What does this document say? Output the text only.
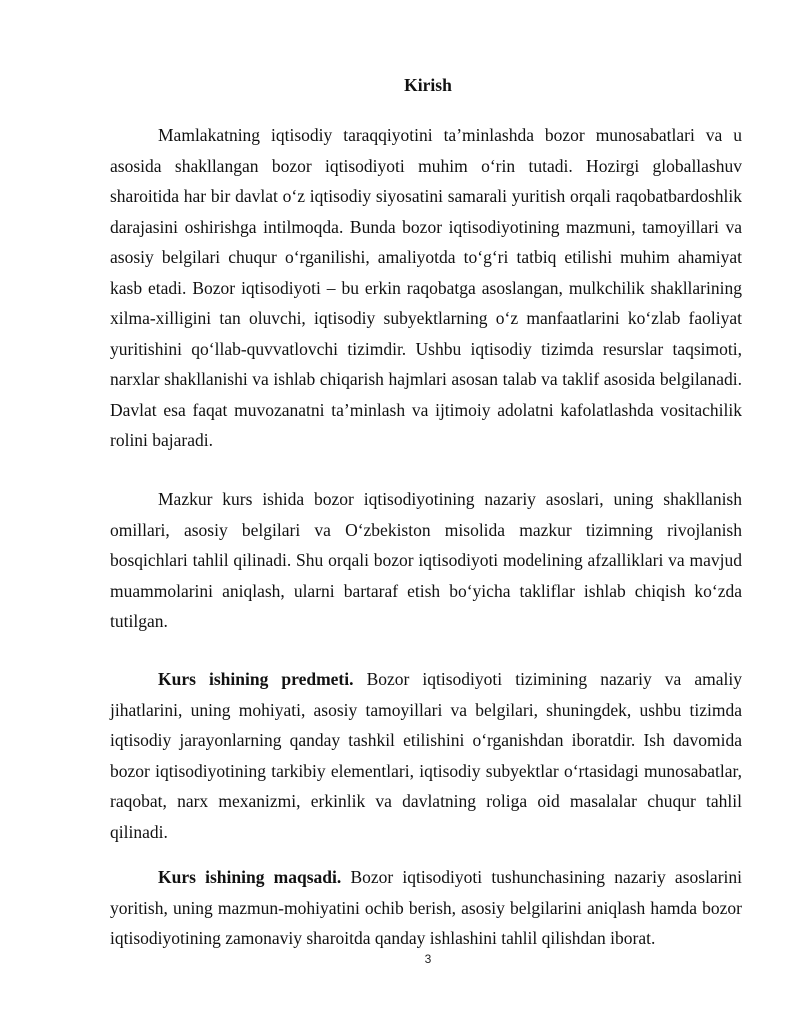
Kirish

Mamlakatning iqtisodiy taraqqiyotini ta’minlashda bozor munosabatlari va u asosida shakllangan bozor iqtisodiyoti muhim o‘rin tutadi. Hozirgi globallashuv sharoitida har bir davlat o‘z iqtisodiy siyosatini samarali yuritish orqali raqobatbardoshlik darajasini oshirishga intilmoqda. Bunda bozor iqtisodiyotining mazmuni, tamoyillari va asosiy belgilari chuqur o‘rganilishi, amaliyotda to‘g‘ri tatbiq etilishi muhim ahamiyat kasb etadi. Bozor iqtisodiyoti – bu erkin raqobatga asoslangan, mulkchilik shakllarining xilma-xilligini tan oluvchi, iqtisodiy subyektlarning o‘z manfaatlarini ko‘zlab faoliyat yuritishini qo‘llab-quvvatlovchi tizimdir. Ushbu iqtisodiy tizimda resurslar taqsimoti, narxlar shakllanishi va ishlab chiqarish hajmlari asosan talab va taklif asosida belgilanadi. Davlat esa faqat muvozanatni ta’minlash va ijtimoiy adolatni kafolatlashda vositachilik rolini bajaradi.

Mazkur kurs ishida bozor iqtisodiyotining nazariy asoslari, uning shakllanish omillari, asosiy belgilari va O‘zbekiston misolida mazkur tizimning rivojlanish bosqichlari tahlil qilinadi. Shu orqali bozor iqtisodiyoti modelining afzalliklari va mavjud muammolarini aniqlash, ularni bartaraf etish bo‘yicha takliflar ishlab chiqish ko‘zda tutilgan.

Kurs ishining predmeti. Bozor iqtisodiyoti tizimining nazariy va amaliy jihatlarini, uning mohiyati, asosiy tamoyillari va belgilari, shuningdek, ushbu tizimda iqtisodiy jarayonlarning qanday tashkil etilishini o‘rganishdan iboratdir. Ish davomida bozor iqtisodiyotining tarkibiy elementlari, iqtisodiy subyektlar o‘rtasidagi munosabatlar, raqobat, narx mexanizmi, erkinlik va davlatning roliga oid masalalar chuqur tahlil qilinadi.

Kurs ishining maqsadi. Bozor iqtisodiyoti tushunchasining nazariy asoslarini yoritish, uning mazmun-mohiyatini ochib berish, asosiy belgilarini aniqlash hamda bozor iqtisodiyotining zamonaviy sharoitda qanday ishlashini tahlil qilishdan iborat.

3
